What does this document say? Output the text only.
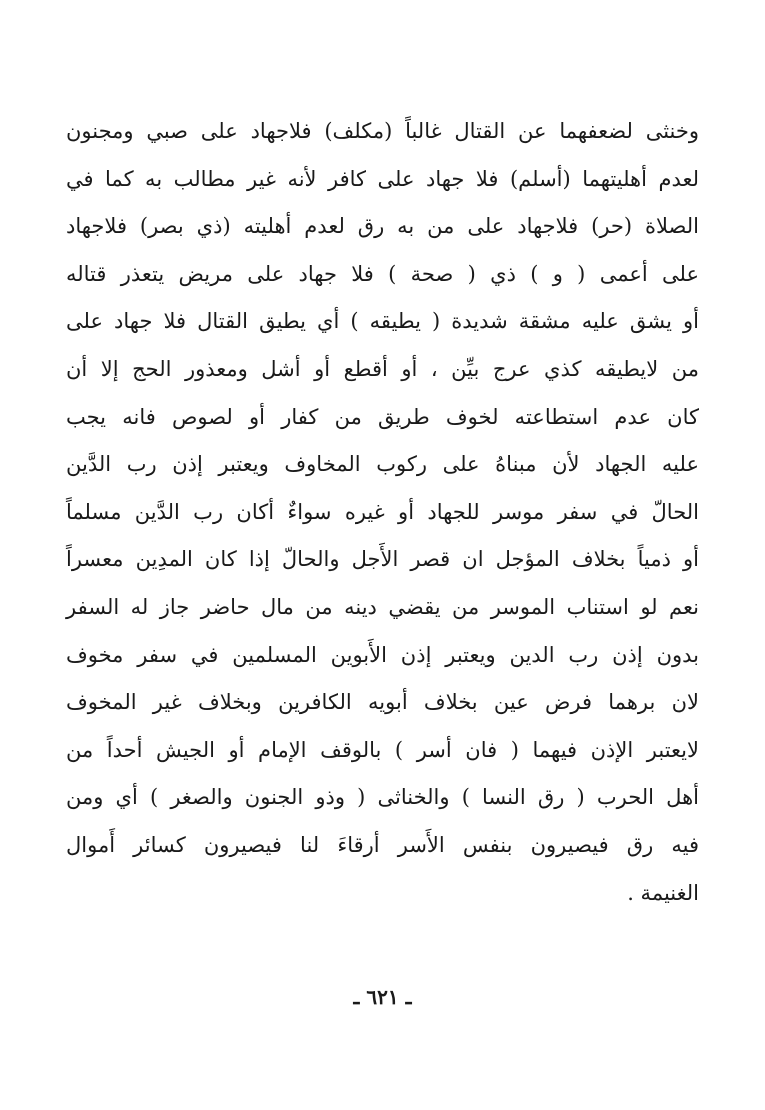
وخنثى لضعفهما عن القتال غالباً (مكلف) فلاجهاد على صبي ومجنون
لعدم أهليتهما (أسلم) فلا جهاد على كافر لأنه غير مطالب به كما في
الصلاة (حر) فلاجهاد على من به رق لعدم أهليته (ذي بصر) فلاجهاد
على أعمى ( و ) ذي ( صحة ) فلا جهاد على مريض يتعذر قتاله
أو يشق عليه مشقة شديدة ( يطيقه ) أي يطيق القتال فلا جهاد على
من لايطيقه كذي عرج بيِّن ، أو أقطع أو أشل ومعذور الحج إلا أن
كان عدم استطاعته لخوف طريق من كفار أو لصوص فانه يجب
عليه الجهاد لأن مبناهُ على ركوب المخاوف ويعتبر إذن رب الدَّين
الحالّ في سفر موسر للجهاد أو غيره سواءٌ أكان رب الدَّين مسلماً
أو ذمياً بخلاف المؤجل ان قصر الأَجل والحالّ إذا كان المدِين معسراً
نعم لو استناب الموسر من يقضي دينه من مال حاضر جاز له السفر
بدون إذن رب الدين ويعتبر إذن الأَبوين المسلمين في سفر مخوف
لان برهما فرض عين بخلاف أبويه الكافرين وبخلاف غير المخوف
لايعتبر الإذن فيهما ( فان أسر ) بالوقف الإمام أو الجيش أحداً من
أهل الحرب ( رق النسا ) والخناثى ( وذو الجنون والصغر ) أي ومن
فيه رق فيصيرون بنفس الأَسر أرقاءَ لنا فيصيرون كسائر أَموال
الغنيمة .
ـ ٦٢١ ـ
